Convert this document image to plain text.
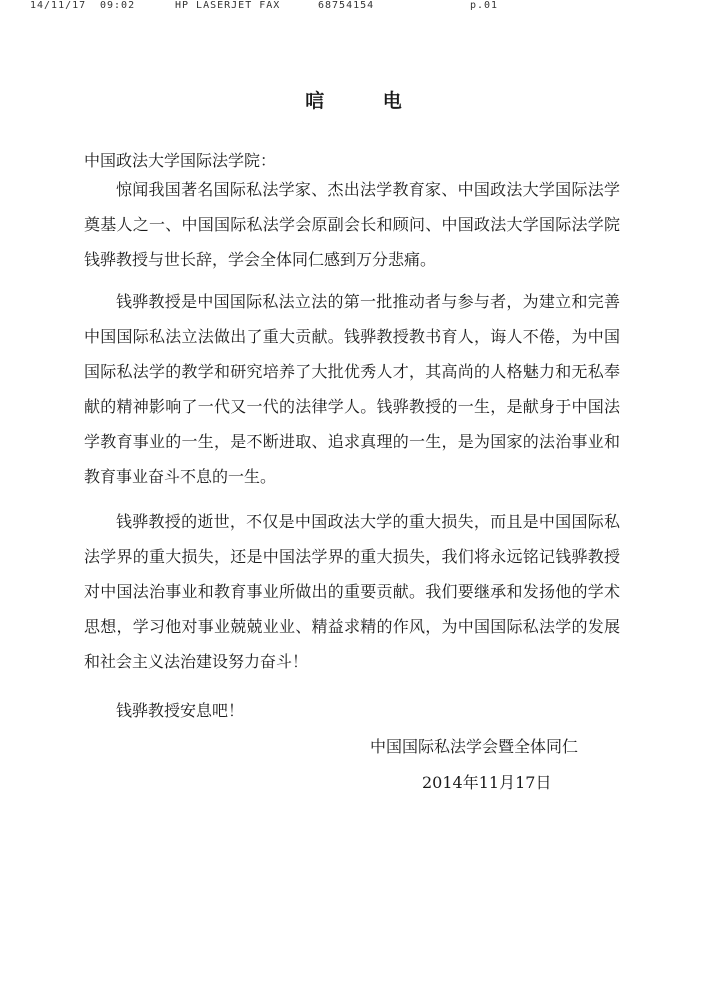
14/11/17 09:02	HP LASERJET FAX	68754154	p.01
唁 电
中国政法大学国际法学院：

惊闻我国著名国际私法学家、杰出法学教育家、中国政法大学国际法学奠基人之一、中国国际私法学会原副会长和顾问、中国政法大学国际法学院钱骅教授与世长辞，学会全体同仁感到万分悲痛。

钱骅教授是中国国际私法立法的第一批推动者与参与者，为建立和完善中国国际私法立法做出了重大贡献。钱骅教授教书育人，诲人不倦，为中国国际私法学的教学和研究培养了大批优秀人才，其高尚的人格魅力和无私奉献的精神影响了一代又一代的法律学人。钱骅教授的一生，是献身于中国法学教育事业的一生，是不断进取、追求真理的一生，是为国家的法治事业和教育事业奋斗不息的一生。

钱骅教授的逝世，不仅是中国政法大学的重大损失，而且是中国国际私法学界的重大损失，还是中国法学界的重大损失，我们将永远铭记钱骅教授对中国法治事业和教育事业所做出的重要贡献。我们要继承和发扬他的学术思想，学习他对事业兢兢业业、精益求精的作风，为中国国际私法学的发展和社会主义法治建设努力奋斗！

钱骅教授安息吧！
中国国际私法学会暨全体同仁
2014年11月17日
